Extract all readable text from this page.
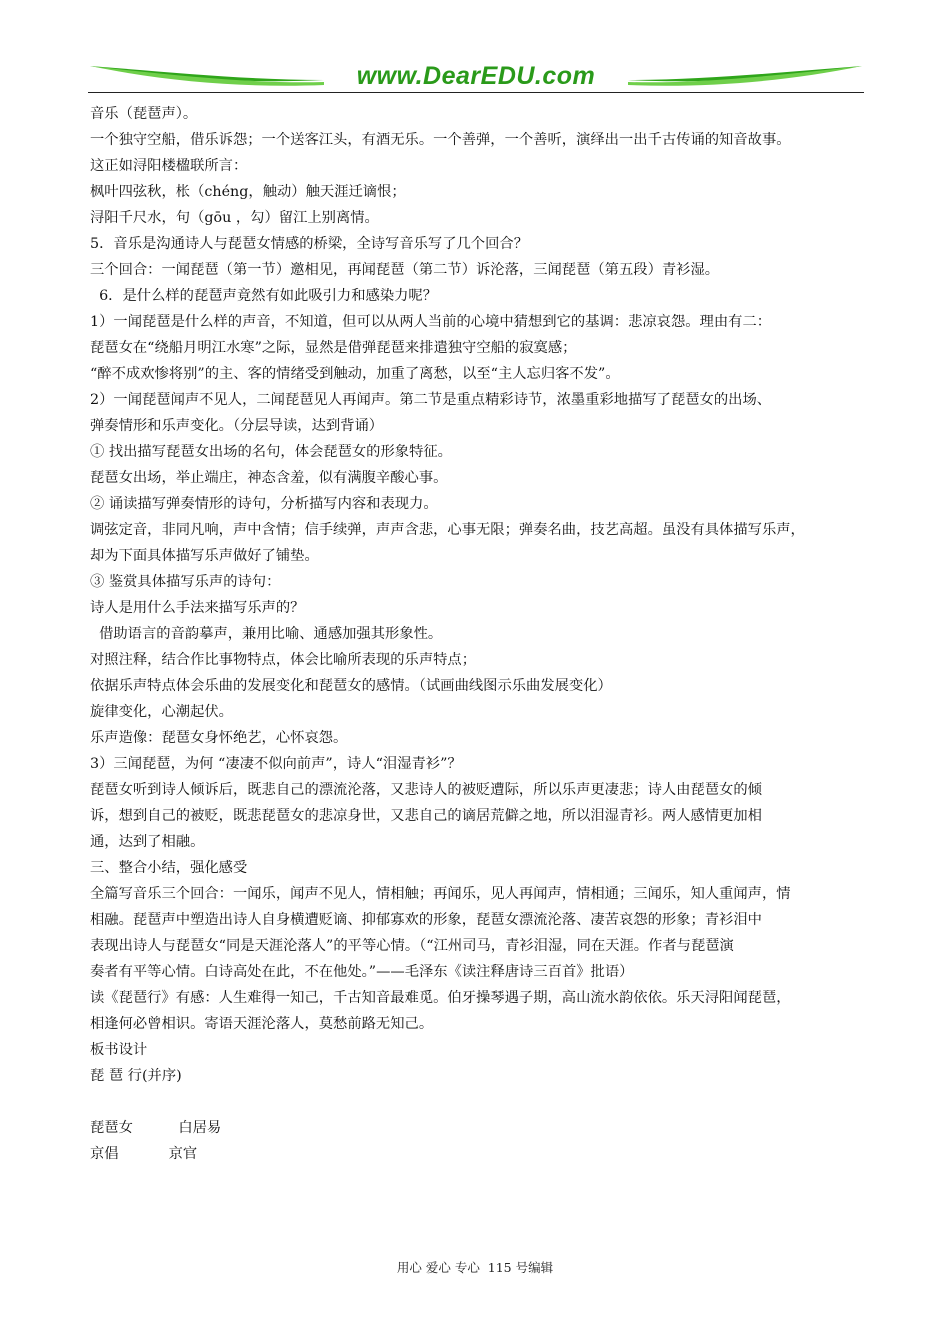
www.DearEDU.com

音乐（琵琶声）。

一个独守空船，借乐诉怨；一个送客江头，有酒无乐。一个善弹，一个善听，演绎出一出千古传诵的知音故事。

这正如浔阳楼楹联所言：

枫叶四弦秋，枨（chéng，触动）触天涯迁谪恨；

浔阳千尺水，句（gōu ，勾）留江上别离情。

5．音乐是沟通诗人与琵琶女情感的桥梁，全诗写音乐写了几个回合？

三个回合：一闻琵琶（第一节）邀相见，再闻琵琶（第二节）诉沦落，三闻琵琶（第五段）青衫湿。

6．是什么样的琵琶声竟然有如此吸引力和感染力呢？

1）一闻琵琶是什么样的声音，不知道，但可以从两人当前的心境中猜想到它的基调：悲凉哀怨。理由有二：

琵琶女在“绕船月明江水寒”之际，显然是借弹琵琶来排遣独守空船的寂寞感；

“醉不成欢惨将别”的主、客的情绪受到触动，加重了离愁，以至“主人忘归客不发”。

2）一闻琵琶闻声不见人，二闻琵琶见人再闻声。第二节是重点精彩诗节，浓墨重彩地描写了琵琶女的出场、

弹奏情形和乐声变化。（分层导读，达到背诵）

① 找出描写琵琶女出场的名句，体会琵琶女的形象特征。

琵琶女出场，举止端庄，神态含羞，似有满腹辛酸心事。

② 诵读描写弹奏情形的诗句，分析描写内容和表现力。

调弦定音，非同凡响，声中含情；信手续弹，声声含悲，心事无限；弹奏名曲，技艺高超。虽没有具体描写乐声，

却为下面具体描写乐声做好了铺垫。

③ 鉴赏具体描写乐声的诗句：

诗人是用什么手法来描写乐声的？

借助语言的音韵摹声，兼用比喻、通感加强其形象性。

对照注释，结合作比事物特点，体会比喻所表现的乐声特点；

依据乐声特点体会乐曲的发展变化和琵琶女的感情。（试画曲线图示乐曲发展变化）

旋律变化，心潮起伏。

乐声造像：琵琶女身怀绝艺，心怀哀怨。

3）三闻琵琶，为何 “凄凄不似向前声”，诗人“泪湿青衫”？

琵琶女听到诗人倾诉后，既悲自己的漂流沦落，又悲诗人的被贬遭际，所以乐声更凄悲；诗人由琵琶女的倾

诉，想到自己的被贬，既悲琵琶女的悲凉身世，又悲自己的谪居荒僻之地，所以泪湿青衫。两人感情更加相

通，达到了相融。

三、整合小结，强化感受

全篇写音乐三个回合：一闻乐，闻声不见人，情相触；再闻乐，见人再闻声，情相通；三闻乐，知人重闻声，情

相融。琵琶声中塑造出诗人自身横遭贬谪、抑郁寡欢的形象，琵琶女漂流沦落、凄苦哀怨的形象；青衫泪中

表现出诗人与琵琶女“同是天涯沦落人”的平等心情。（“江州司马，青衫泪湿，同在天涯。作者与琵琶演

奏者有平等心情。白诗高处在此，不在他处。”——毛泽东《读注释唐诗三百首》批语）

读《琵琶行》有感：人生难得一知己，千古知音最难觅。伯牙操琴遇子期，高山流水韵依依。乐天浔阳闻琵琶，

相逢何必曾相识。寄语天涯沦落人，莫愁前路无知己。

板书设计

琵 琶 行(并序)

琵琶女          白居易

京倡           京官

用心 爱心 专心  115 号编辑
